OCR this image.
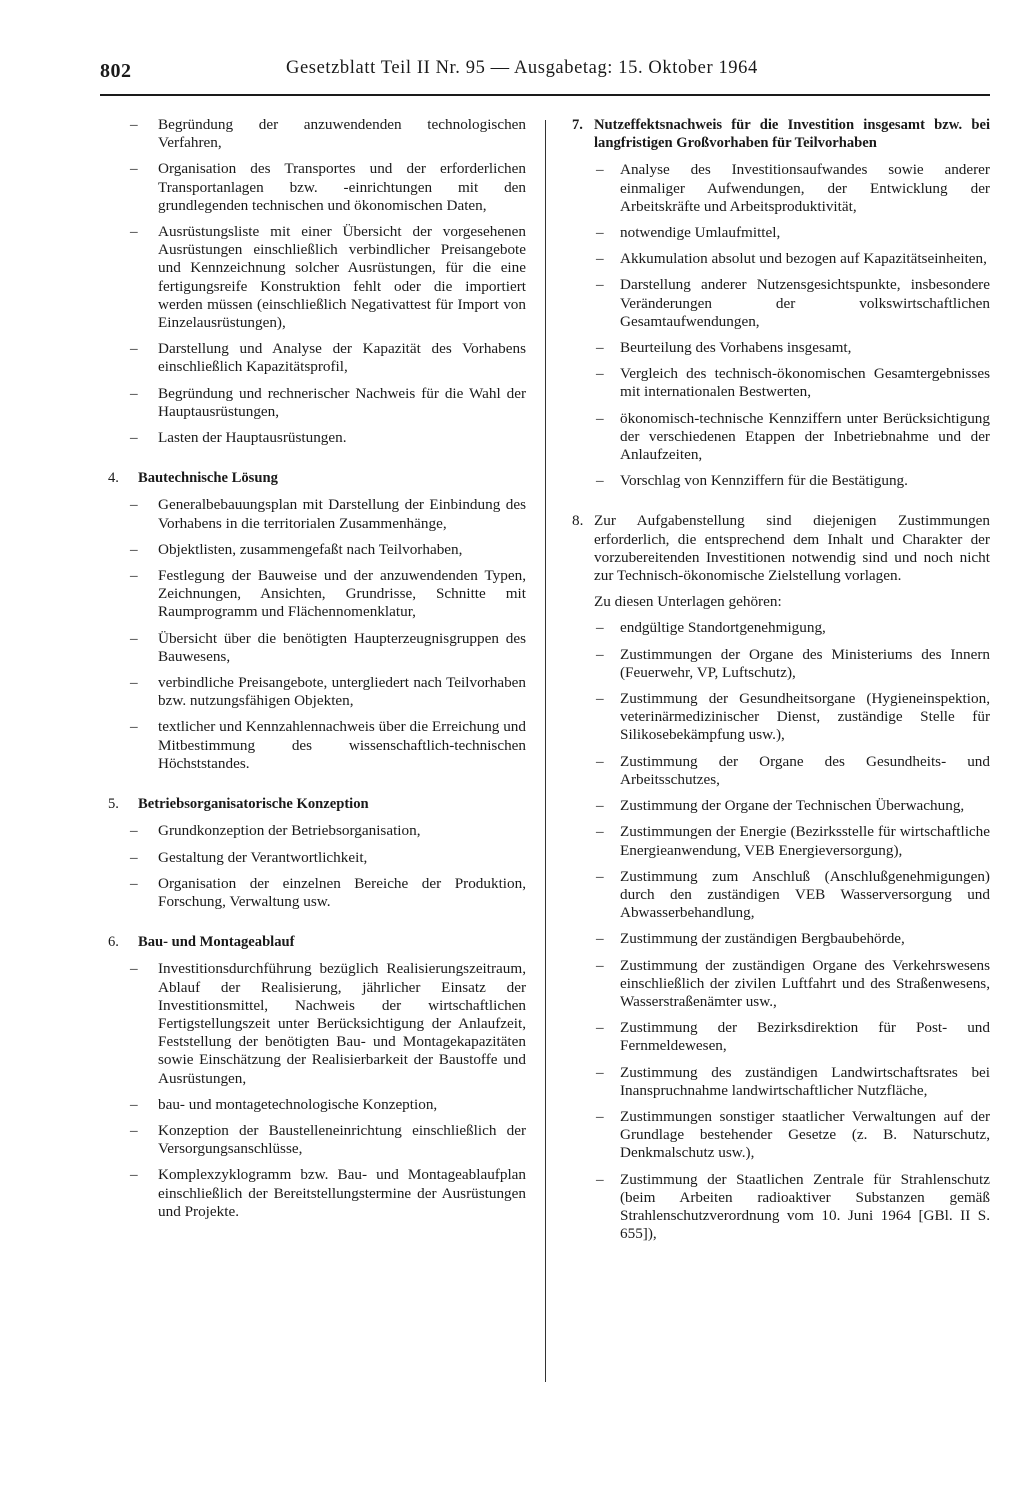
802	Gesetzblatt Teil II Nr. 95 — Ausgabetag: 15. Oktober 1964
– Begründung der anzuwendenden technologischen Verfahren,
– Organisation des Transportes und der erforderlichen Transportanlagen bzw. -einrichtungen mit den grundlegenden technischen und ökonomischen Daten,
– Ausrüstungsliste mit einer Übersicht der vorgesehenen Ausrüstungen einschließlich verbindlicher Preisangebote und Kennzeichnung solcher Ausrüstungen, für die eine fertigungsreife Konstruktion fehlt oder die importiert werden müssen (einschließlich Negativattest für Import von Einzelausrüstungen),
– Darstellung und Analyse der Kapazität des Vorhabens einschließlich Kapazitätsprofil,
– Begründung und rechnerischer Nachweis für die Wahl der Hauptausrüstungen,
– Lasten der Hauptausrüstungen.
4. Bautechnische Lösung
– Generalbebauungsplan mit Darstellung der Einbindung des Vorhabens in die territorialen Zusammenhänge,
– Objektlisten, zusammengefaßt nach Teilvorhaben,
– Festlegung der Bauweise und der anzuwendenden Typen, Zeichnungen, Ansichten, Grundrisse, Schnitte mit Raumprogramm und Flächennomenklatur,
– Übersicht über die benötigten Haupterzeugnisgruppen des Bauwesens,
– verbindliche Preisangebote, untergliedert nach Teilvorhaben bzw. nutzungsfähigen Objekten,
– textlicher und Kennzahlennachweis über die Erreichung und Mitbestimmung des wissenschaftlich-technischen Höchststandes.
5. Betriebsorganisatorische Konzeption
– Grundkonzeption der Betriebsorganisation,
– Gestaltung der Verantwortlichkeit,
– Organisation der einzelnen Bereiche der Produktion, Forschung, Verwaltung usw.
6. Bau- und Montageablauf
– Investitionsdurchführung bezüglich Realisierungszeitraum, Ablauf der Realisierung, jährlicher Einsatz der Investitionsmittel, Nachweis der wirtschaftlichen Fertigstellungszeit unter Berücksichtigung der Anlaufzeit, Feststellung der benötigten Bau- und Montagekapazitäten sowie Einschätzung der Realisierbarkeit der Baustoffe und Ausrüstungen,
– bau- und montagetechnologische Konzeption,
– Konzeption der Baustelleneinrichtung einschließlich der Versorgungsanschlüsse,
– Komplexzyklogramm bzw. Bau- und Montageablaufplan einschließlich der Bereitstellungstermine der Ausrüstungen und Projekte.
7. Nutzeffektsnachweis für die Investition insgesamt bzw. bei langfristigen Großvorhaben für Teilvorhaben
– Analyse des Investitionsaufwandes sowie anderer einmaliger Aufwendungen, der Entwicklung der Arbeitskräfte und Arbeitsproduktivität,
– notwendige Umlaufmittel,
– Akkumulation absolut und bezogen auf Kapazitätseinheiten,
– Darstellung anderer Nutzensgesichtspunkte, insbesondere Veränderungen der volkswirtschaftlichen Gesamtaufwendungen,
– Beurteilung des Vorhabens insgesamt,
– Vergleich des technisch-ökonomischen Gesamtergebnisses mit internationalen Bestwerten,
– ökonomisch-technische Kennziffern unter Berücksichtigung der verschiedenen Etappen der Inbetriebnahme und der Anlaufzeiten,
– Vorschlag von Kennziffern für die Bestätigung.
8. Zur Aufgabenstellung sind diejenigen Zustimmungen erforderlich, die entsprechend dem Inhalt und Charakter der vorzubereitenden Investitionen notwendig sind und noch nicht zur Technisch-ökonomische Zielstellung vorlagen.
Zu diesen Unterlagen gehören:
– endgültige Standortgenehmigung,
– Zustimmungen der Organe des Ministeriums des Innern (Feuerwehr, VP, Luftschutz),
– Zustimmung der Gesundheitsorgane (Hygieneinspektion, veterinärmedizinischer Dienst, zuständige Stelle für Silikosebekämpfung usw.),
– Zustimmung der Organe des Gesundheits- und Arbeitsschutzes,
– Zustimmung der Organe der Technischen Überwachung,
– Zustimmungen der Energie (Bezirksstelle für wirtschaftliche Energieanwendung, VEB Energieversorgung),
– Zustimmung zum Anschluß (Anschlußgenehmigungen) durch den zuständigen VEB Wasserversorgung und Abwasserbehandlung,
– Zustimmung der zuständigen Bergbaubehörde,
– Zustimmung der zuständigen Organe des Verkehrswesens einschließlich der zivilen Luftfahrt und des Straßenwesens, Wasserstraßenämter usw.,
– Zustimmung der Bezirksdirektion für Post- und Fernmeldewesen,
– Zustimmung des zuständigen Landwirtschaftsrates bei Inanspruchnahme landwirtschaftlicher Nutzfläche,
– Zustimmungen sonstiger staatlicher Verwaltungen auf der Grundlage bestehender Gesetze (z. B. Naturschutz, Denkmalschutz usw.),
– Zustimmung der Staatlichen Zentrale für Strahlenschutz (beim Arbeiten radioaktiver Substanzen gemäß Strahlenschutzverordnung vom 10. Juni 1964 [GBl. II S. 655]),
